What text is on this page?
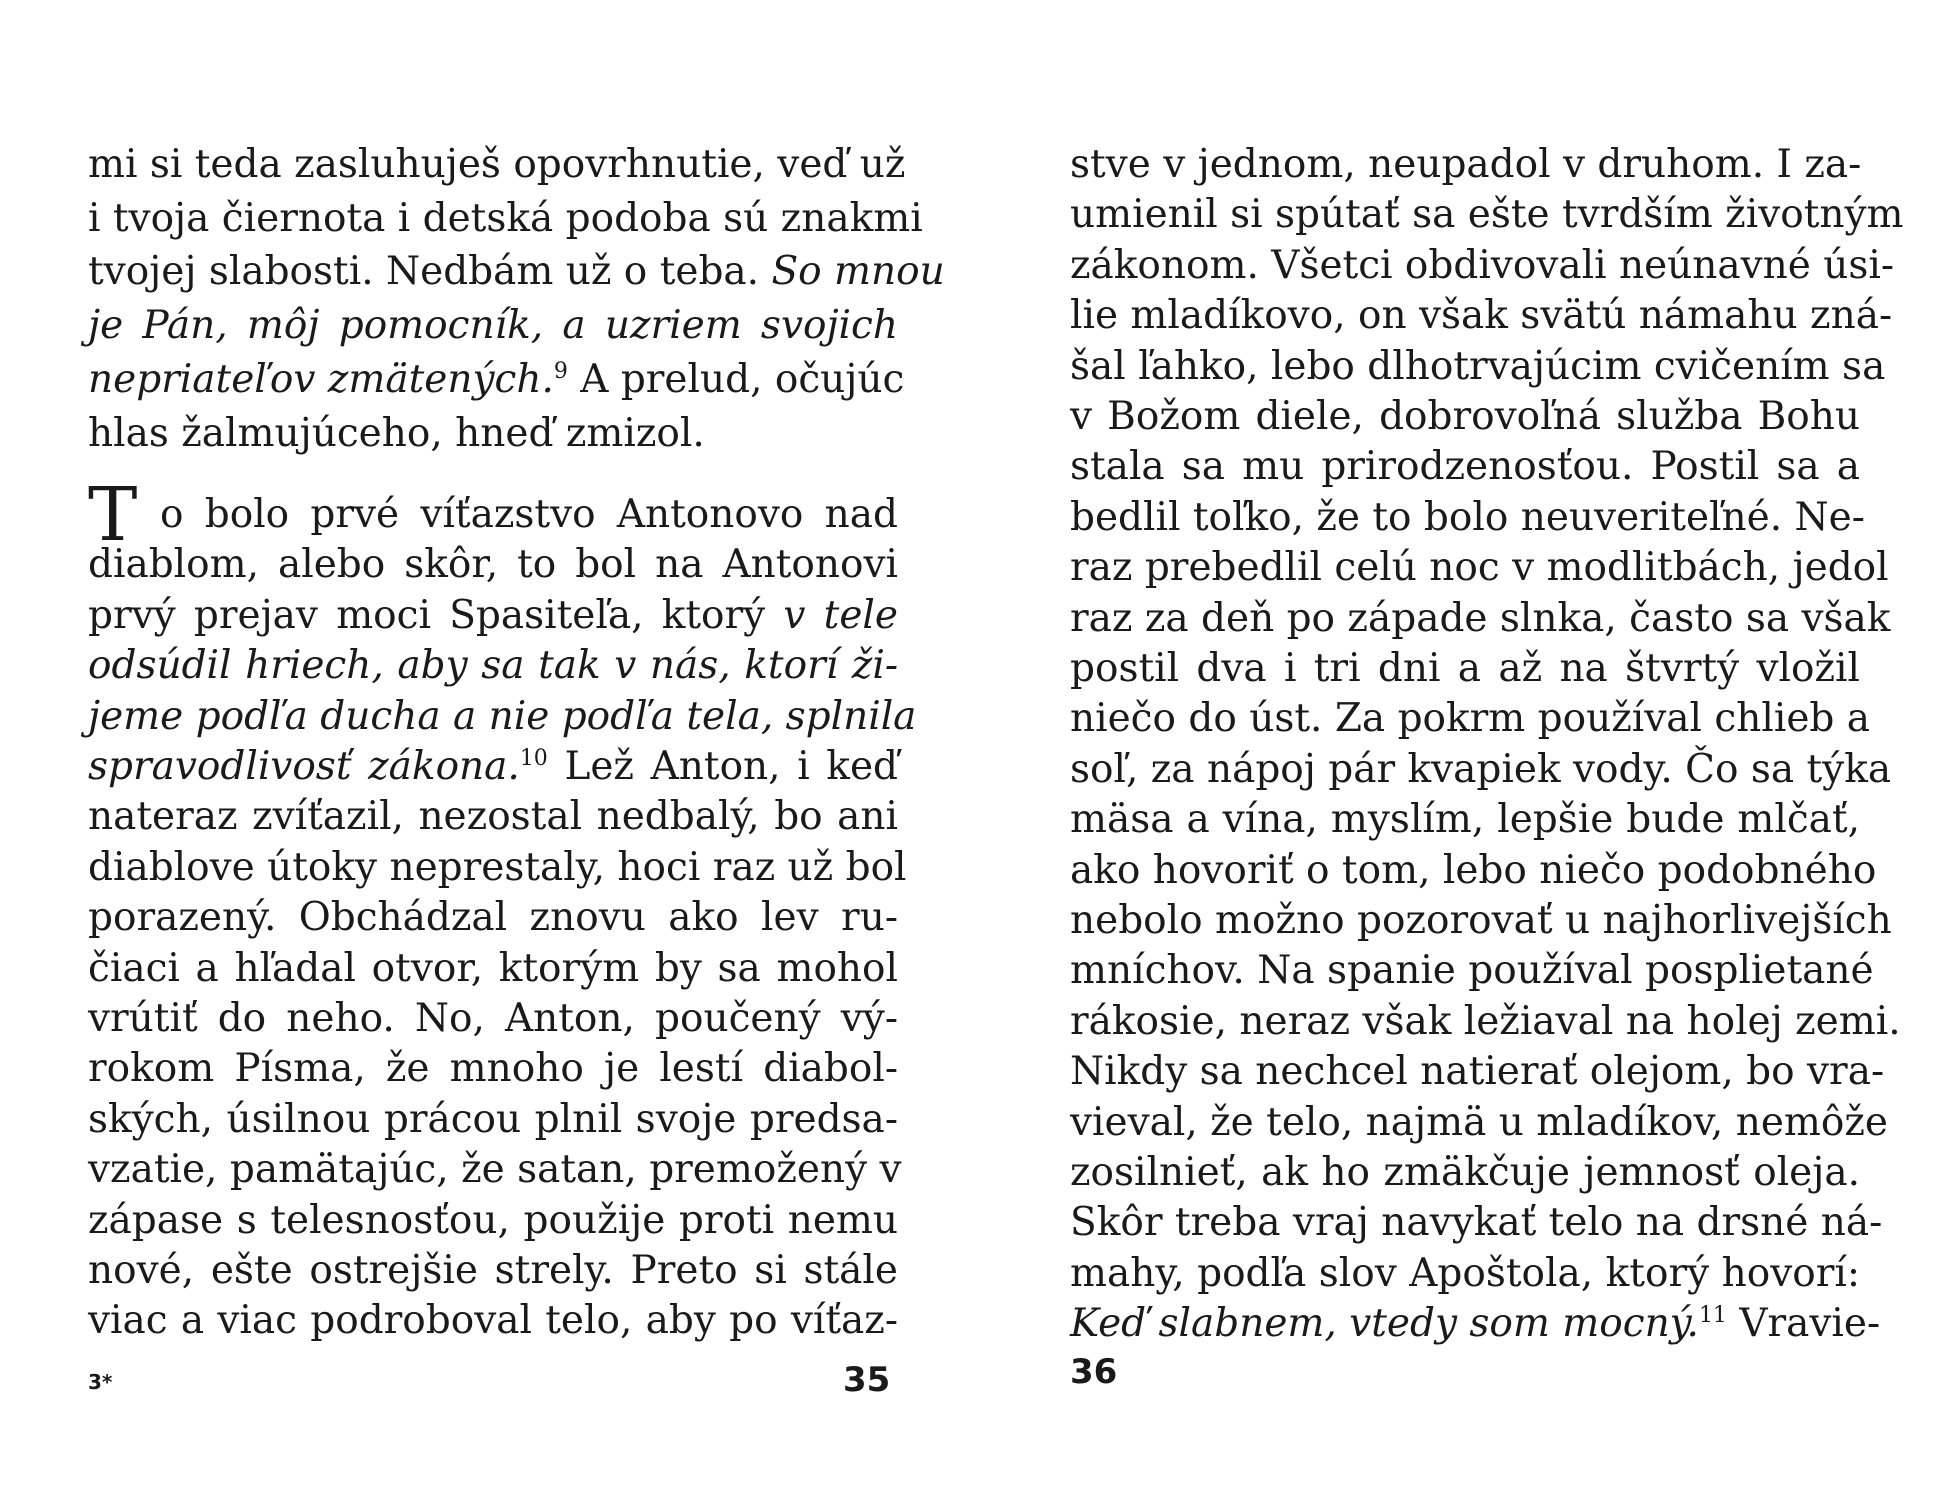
mi si teda zasluhuješ opovrhnutie, veď už
i tvoja čiernota i detská podoba sú znakmi
tvojej slabosti. Nedbám už o teba. So mnou
je Pán, môj pomocník, a uzriem svojich
nepriateľov zmätených.$^9$ A prelud, očujúc
hlas žalmujúceho, hneď zmizol.
T o bolo prvé víťazstvo Antonovo nad
diablom, alebo skôr, to bol na Antonovi
prvý prejav moci Spasiteľa, ktorý v tele
odsúdil hriech, aby sa tak v nás, ktorí ži-
jeme podľa ducha a nie podľa tela, splnila
spravodlivosť zákona.$^{10}$ Lež Anton, i keď
nateraz zvíťazil, nezostal nedbalý, bo ani
diablove útoky neprestaly, hoci raz už bol
porazený. Obchádzal znovu ako lev ru-
čiaci a hľadal otvor, ktorým by sa mohol
vrútiť do neho. No, Anton, poučený vý-
rokom Písma, že mnoho je lestí diabol-
ských, úsilnou prácou plnil svoje predsa-
vzatie, pamätajúc, že satan, premožený v
zápase s telesnosťou, použije proti nemu
nové, ešte ostrejšie strely. Preto si stále
viac a viac podroboval telo, aby po víťaz-
3*	35
stve v jednom, neupadol v druhom. I za-
umienil si spútať sa ešte tvrdším životným
zákonom. Všetci obdivovali neúnavné úsi-
lie mladíkovo, on však svätú námahu zná-
šal ľahko, lebo dlhotrvajúcim cvičením sa
v Božom diele, dobrovoľná služba Bohu
stala sa mu prirodzenosťou. Postil sa a
bedlil toľko, že to bolo neuveriteľné. Ne-
raz prebedlil celú noc v modlitbách, jedol
raz za deň po západe slnka, často sa však
postil dva i tri dni a až na štvrtý vložil
niečo do úst. Za pokrm používal chlieb a
soľ, za nápoj pár kvapiek vody. Čo sa týka
mäsa a vína, myslím, lepšie bude mlčať,
ako hovoriť o tom, lebo niečo podobného
nebolo možno pozorovať u najhorlivejších
mníchov. Na spanie používal posplietané
rákosie, neraz však ležiaval na holej zemi.
Nikdy sa nechcel natierať olejom, bo vra-
vieval, že telo, najmä u mladíkov, nemôže
zosilnieť, ak ho zmäkčuje jemnosť oleja.
Skôr treba vraj navykať telo na drsné ná-
mahy, podľa slov Apoštola, ktorý hovorí:
Keď slabnem, vtedy som mocný.$^{11}$ Vravie-
36
